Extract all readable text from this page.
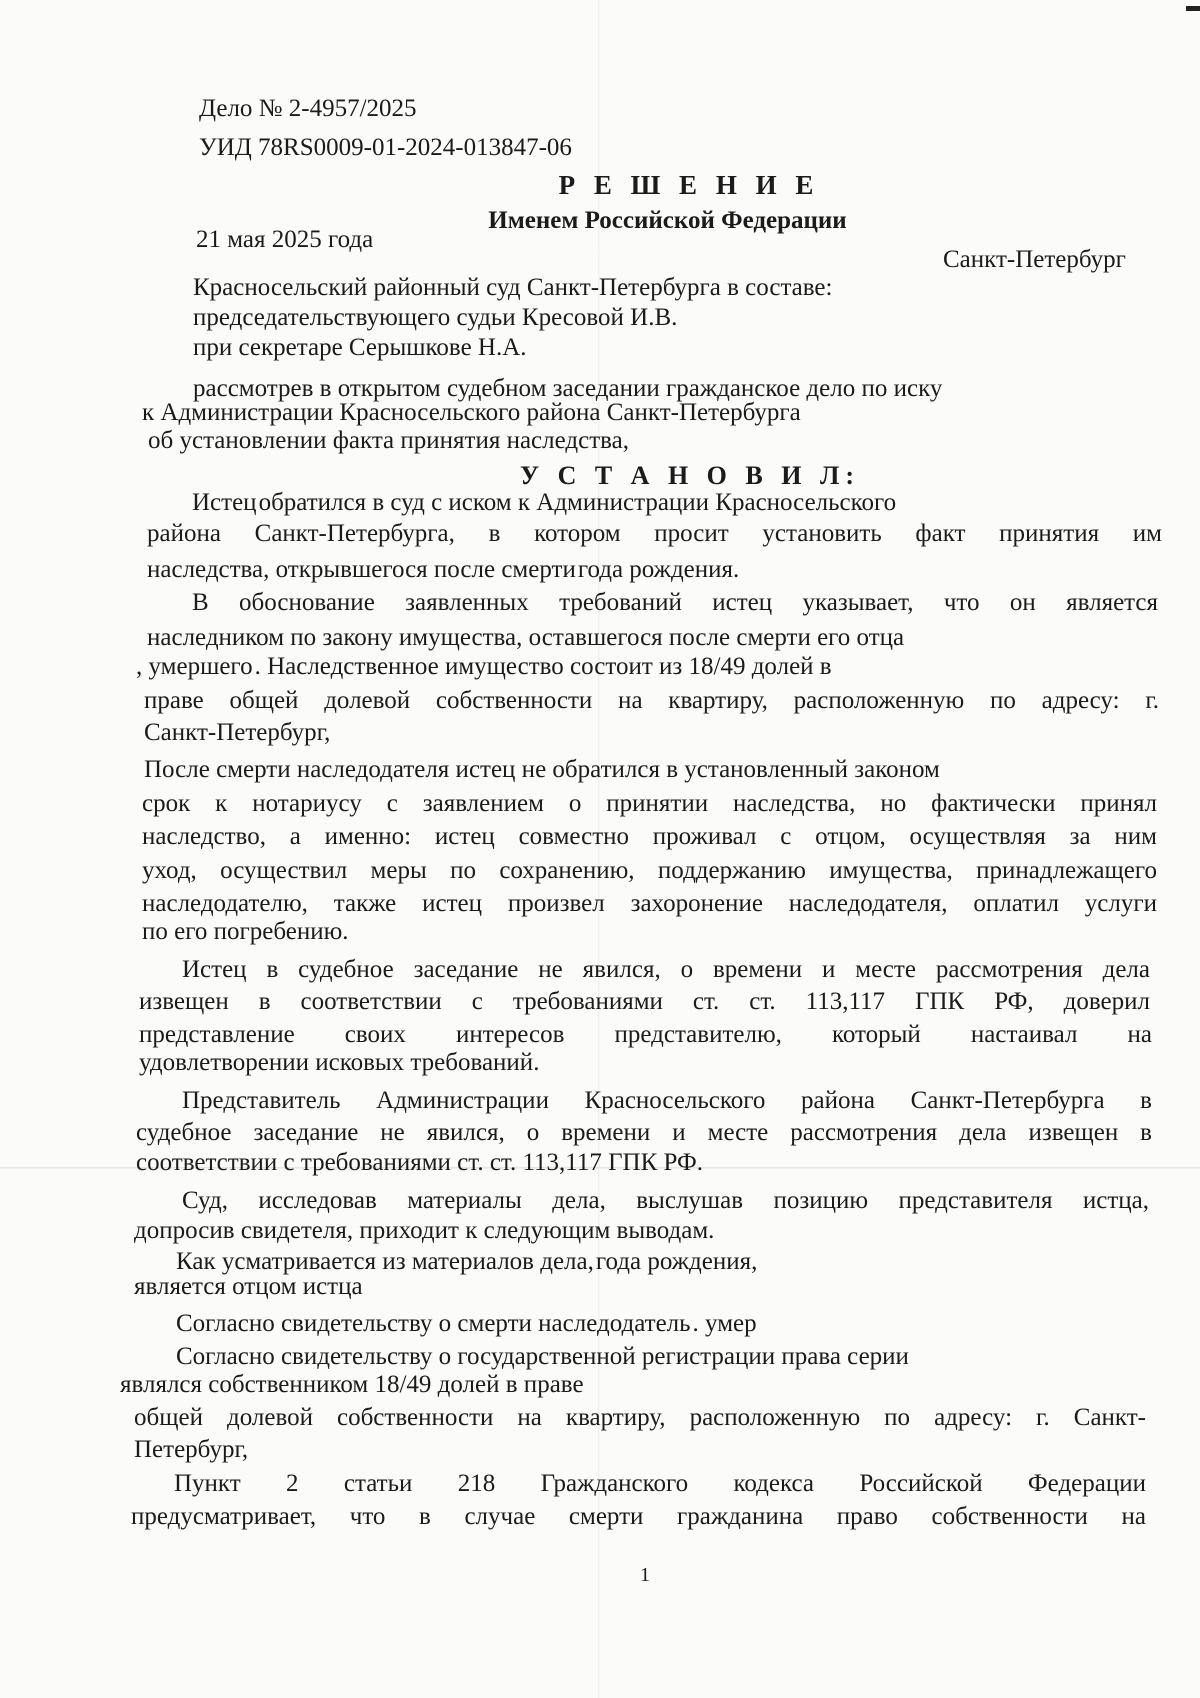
Дело № 2-4957/2025
УИД 78RS0009-01-2024-013847-06
Р Е Ш Е Н И Е
Именем Российской Федерации
21 мая 2025 года
Санкт-Петербург
Красносельский районный суд Санкт-Петербурга в составе:
председательствующего судьи Кресовой И.В.
при секретаре Серышкове Н.А.
рассмотрев в открытом судебном заседании гражданское дело по иску
к Администрации Красносельского района Санкт-Петербурга
об установлении факта принятия наследства,
У С Т А Н О В И Л:
Истецобратился в суд с иском к Администрации Красносельского
района Санкт-Петербурга, в котором просит установить факт принятия им
наследства, открывшегося после смертигода рождения.
В обоснование заявленных требований истец указывает, что он является
наследником по закону имущества, оставшегося после смерти его отца
, умершего. Наследственное имущество состоит из 18/49 долей в
праве общей долевой собственности на квартиру, расположенную по адресу: г.
Санкт-Петербург,
После смерти наследодателя истец не обратился в установленный законом
срок к нотариусу с заявлением о принятии наследства, но фактически принял
наследство, а именно: истец совместно проживал с отцом, осуществляя за ним
уход, осуществил меры по сохранению, поддержанию имущества, принадлежащего
наследодателю, также истец произвел захоронение наследодателя, оплатил услуги
по его погребению.
Истец в судебное заседание не явился, о времени и месте рассмотрения дела
извещен в соответствии с требованиями ст. ст. 113,117 ГПК РФ, доверил
представление своих интересов представителю, который настаивал на
удовлетворении исковых требований.
Представитель Администрации Красносельского района Санкт-Петербурга в
судебное заседание не явился, о времени и месте рассмотрения дела извещен в
соответствии с требованиями ст. ст. 113,117 ГПК РФ.
Суд, исследовав материалы дела, выслушав позицию представителя истца,
допросив свидетеля, приходит к следующим выводам.
Как усматривается из материалов дела,года рождения,
является отцом истца
Согласно свидетельству о смерти наследодатель. умер
Согласно свидетельству о государственной регистрации права серии
являлся собственником 18/49 долей в праве
общей долевой собственности на квартиру, расположенную по адресу: г. Санкт-
Петербург,
Пункт 2 статьи 218 Гражданского кодекса Российской Федерации
предусматривает, что в случае смерти гражданина право собственности на
1
